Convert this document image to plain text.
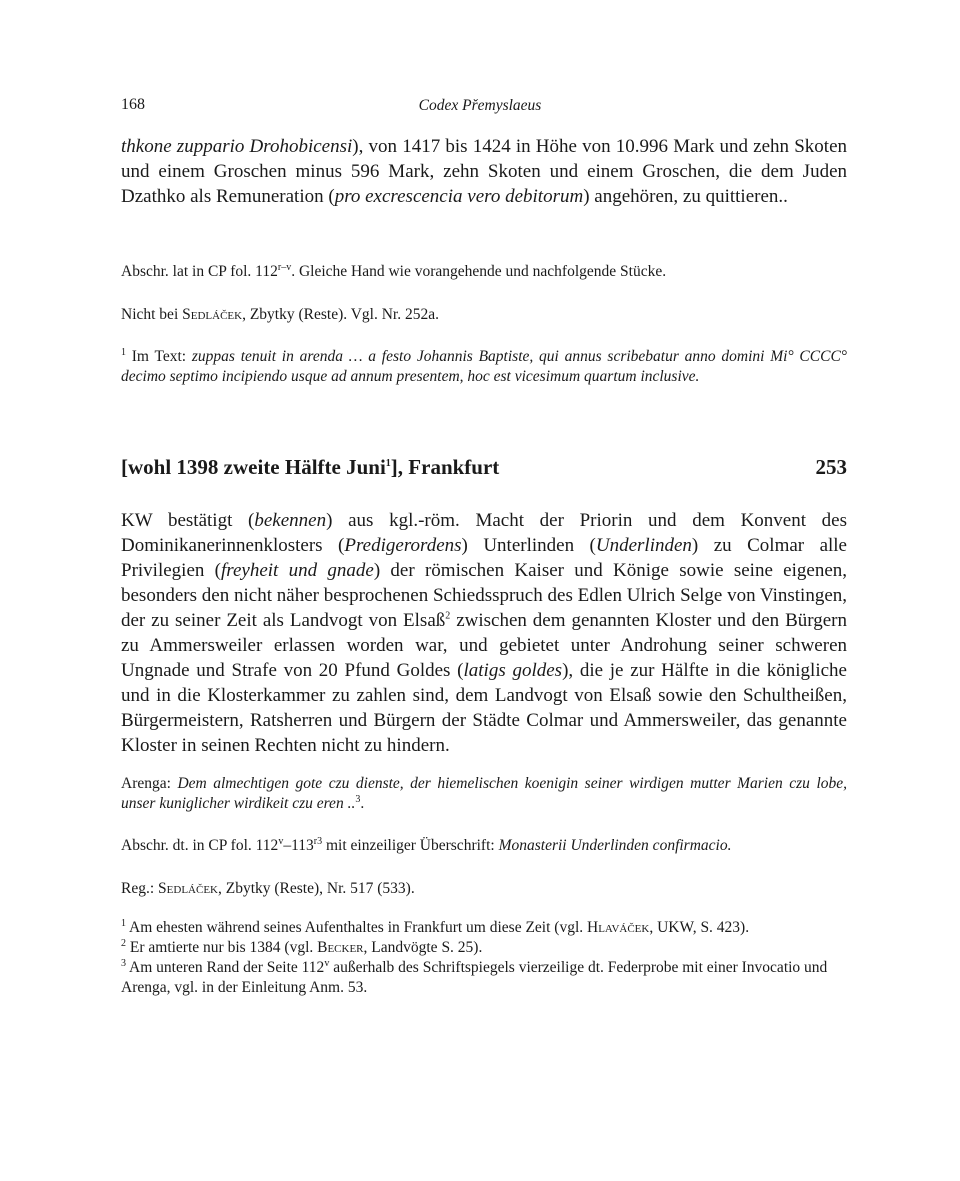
168	Codex Přemyslaeus
thkone zuppario Drohobicensi), von 1417 bis 1424 in Höhe von 10.996 Mark und zehn Skoten und einem Groschen minus 596 Mark, zehn Skoten und einem Groschen, die dem Juden Dzathko als Remuneration (pro excrescencia vero debitorum) angehören, zu quittieren..
Abschr. lat in CP fol. 112$^{r-v}$. Gleiche Hand wie vorangehende und nachfolgende Stücke.
Nicht bei Sedláček, Zbytky (Reste). Vgl. Nr. 252a.
$^1$ Im Text: zuppas tenuit in arenda … a festo Johannis Baptiste, qui annus scribebatur anno domini Mi° CCCC° decimo septimo incipiendo usque ad annum presentem, hoc est vicesimum quartum inclusive.
[wohl 1398 zweite Hälfte Juni$^1$], Frankfurt	253
KW bestätigt (bekennen) aus kgl.-röm. Macht der Priorin und dem Konvent des Dominikanerinnenklosters (Predigerordens) Unterlinden (Underlinden) zu Colmar alle Privilegien (freyheit und gnade) der römischen Kaiser und Könige sowie seine eigenen, besonders den nicht näher besprochenen Schiedsspruch des Edlen Ulrich Selge von Vinstingen, der zu seiner Zeit als Landvogt von Elsaß$^2$ zwischen dem genannten Kloster und den Bürgern zu Ammersweiler erlassen worden war, und gebietet unter Androhung seiner schweren Ungnade und Strafe von 20 Pfund Goldes (latigs goldes), die je zur Hälfte in die königliche und in die Klosterkammer zu zahlen sind, dem Landvogt von Elsaß sowie den Schultheißen, Bürgermeistern, Ratsherren und Bürgern der Städte Colmar und Ammersweiler, das genannte Kloster in seinen Rechten nicht zu hindern.
Arenga: Dem almechtigen gote czu dienste, der hiemelischen koenigin seiner wirdigen mutter Marien czu lobe, unser kuniglicher wirdikeit czu eren ..$^3$.
Abschr. dt. in CP fol. $112^v-113^{r3}$ mit einzeiliger Überschrift: Monasterii Underlinden confirmacio.
Reg.: Sedláček, Zbytky (Reste), Nr. 517 (533).

$^1$ Am ehesten während seines Aufenthaltes in Frankfurt um diese Zeit (vgl. Hlaváček, UKW, S. 423).

$^2$ Er amtierte nur bis 1384 (vgl. Becker, Landvögte S. 25).

$^3$ Am unteren Rand der Seite 112$^v$ außerhalb des Schriftspiegels vierzeilige dt. Federprobe mit einer Invocatio und Arenga, vgl. in der Einleitung Anm. 53.
